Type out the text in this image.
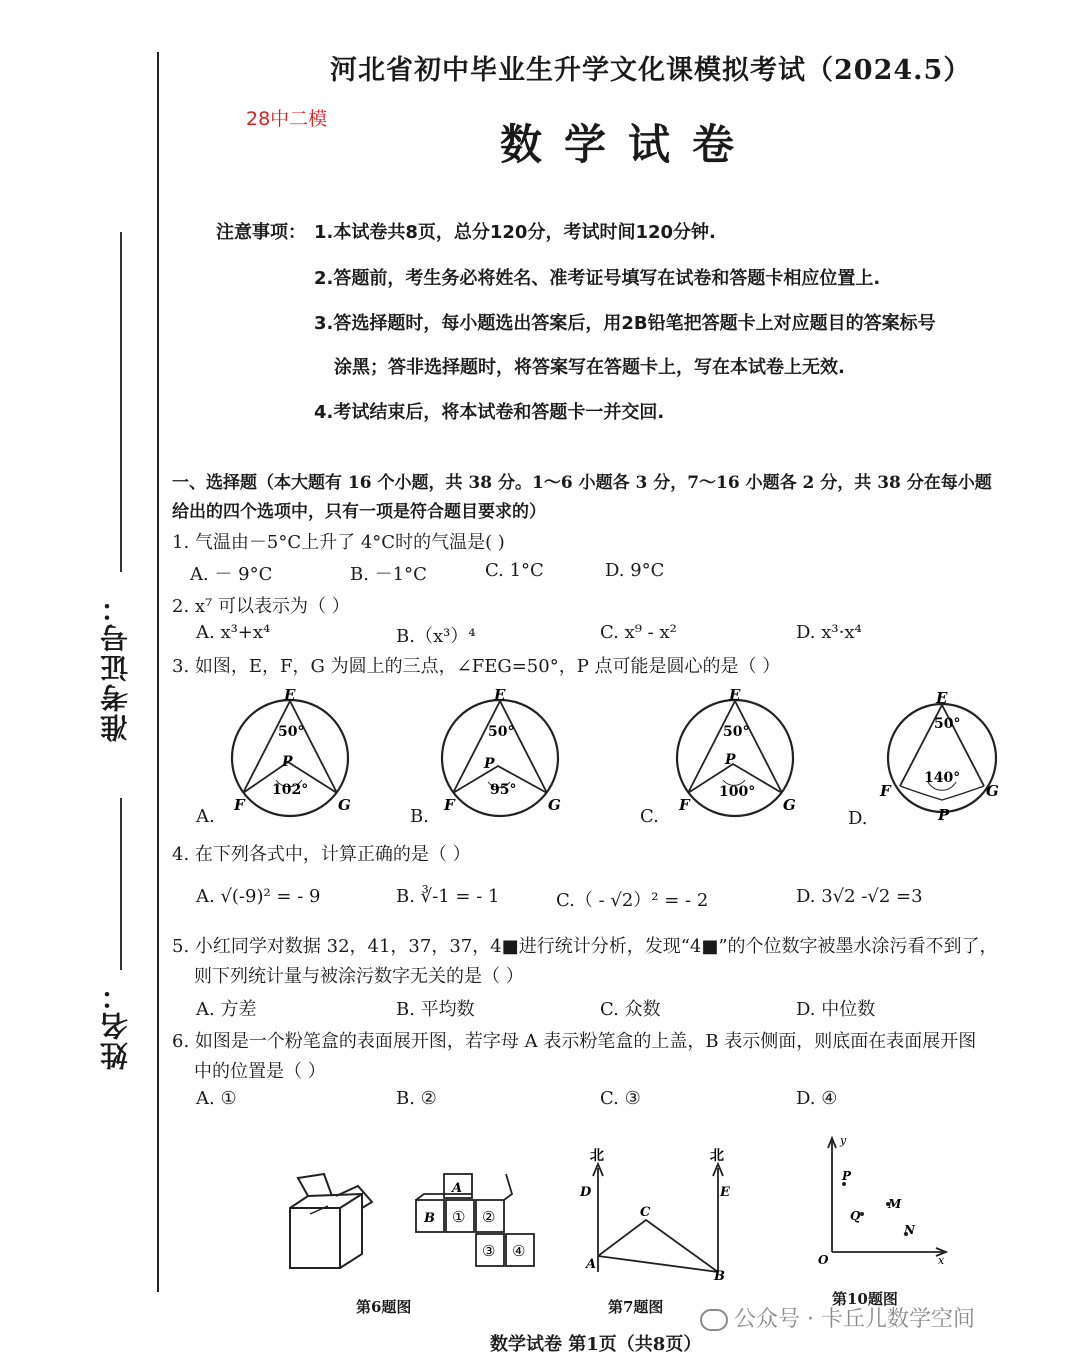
准考证号：
姓名：
河北省初中毕业生升学文化课模拟考试（2024.5）
28中二模
数学试卷
注意事项： 1.本试卷共8页，总分120分，考试时间120分钟.
2.答题前，考生务必将姓名、准考证号填写在试卷和答题卡相应位置上.
3.答选择题时，每小题选出答案后，用2B铅笔把答题卡上对应题目的答案标号
涂黑；答非选择题时，将答案写在答题卡上，写在本试卷上无效.
4.考试结束后，将本试卷和答题卡一并交回.
一、选择题（本大题有 16 个小题，共 38 分。1～6 小题各 3 分，7～16 小题各 2 分，共 38 分在每小题
给出的四个选项中，只有一项是符合题目要求的）
1. 气温由－5°C上升了 4°C时的气温是( )
A. － 9°C	B. －1°C	C. 1°C	D. 9°C
2. x⁷ 可以表示为（ ）
A. x³+x⁴	B.（x³）⁴	C. x⁹ - x²	D. x³·x⁴
3. 如图，E，F，G 为圆上的三点，∠FEG=50°，P 点可能是圆心的是（ ）
E
50°
P
102°
F	G
E
50°
P
95°
F	G
E
50°
P
100°
F	G
E
50°
140°
F	G
P
A.	B.	C.	D.
4. 在下列各式中，计算正确的是（ ）
A. √(-9)² = - 9	B. ∛-1 = - 1	C.（ - √2）² = - 2	D. 3√2 -√2 =3
5. 小红同学对数据 32，41，37，37，4■进行统计分析，发现“4■”的个位数字被墨水涂污看不到了，
则下列统计量与被涂污数字无关的是（ ）
A. 方差	B. 平均数	C. 众数	D. 中位数
6. 如图是一个粉笔盒的表面展开图，若字母 A 表示粉笔盒的上盖，B 表示侧面，则底面在表面展开图
中的位置是（ ）
A. ①	B. ②	C. ③	D. ④
A
B ① ②
③ ④
第6题图
北	北
D	E
C
A
B
第7题图
y
x
O
P
Q
M
N
第10题图
公众号 · 卡丘儿数学空间
数学试卷 第1页（共8页）
